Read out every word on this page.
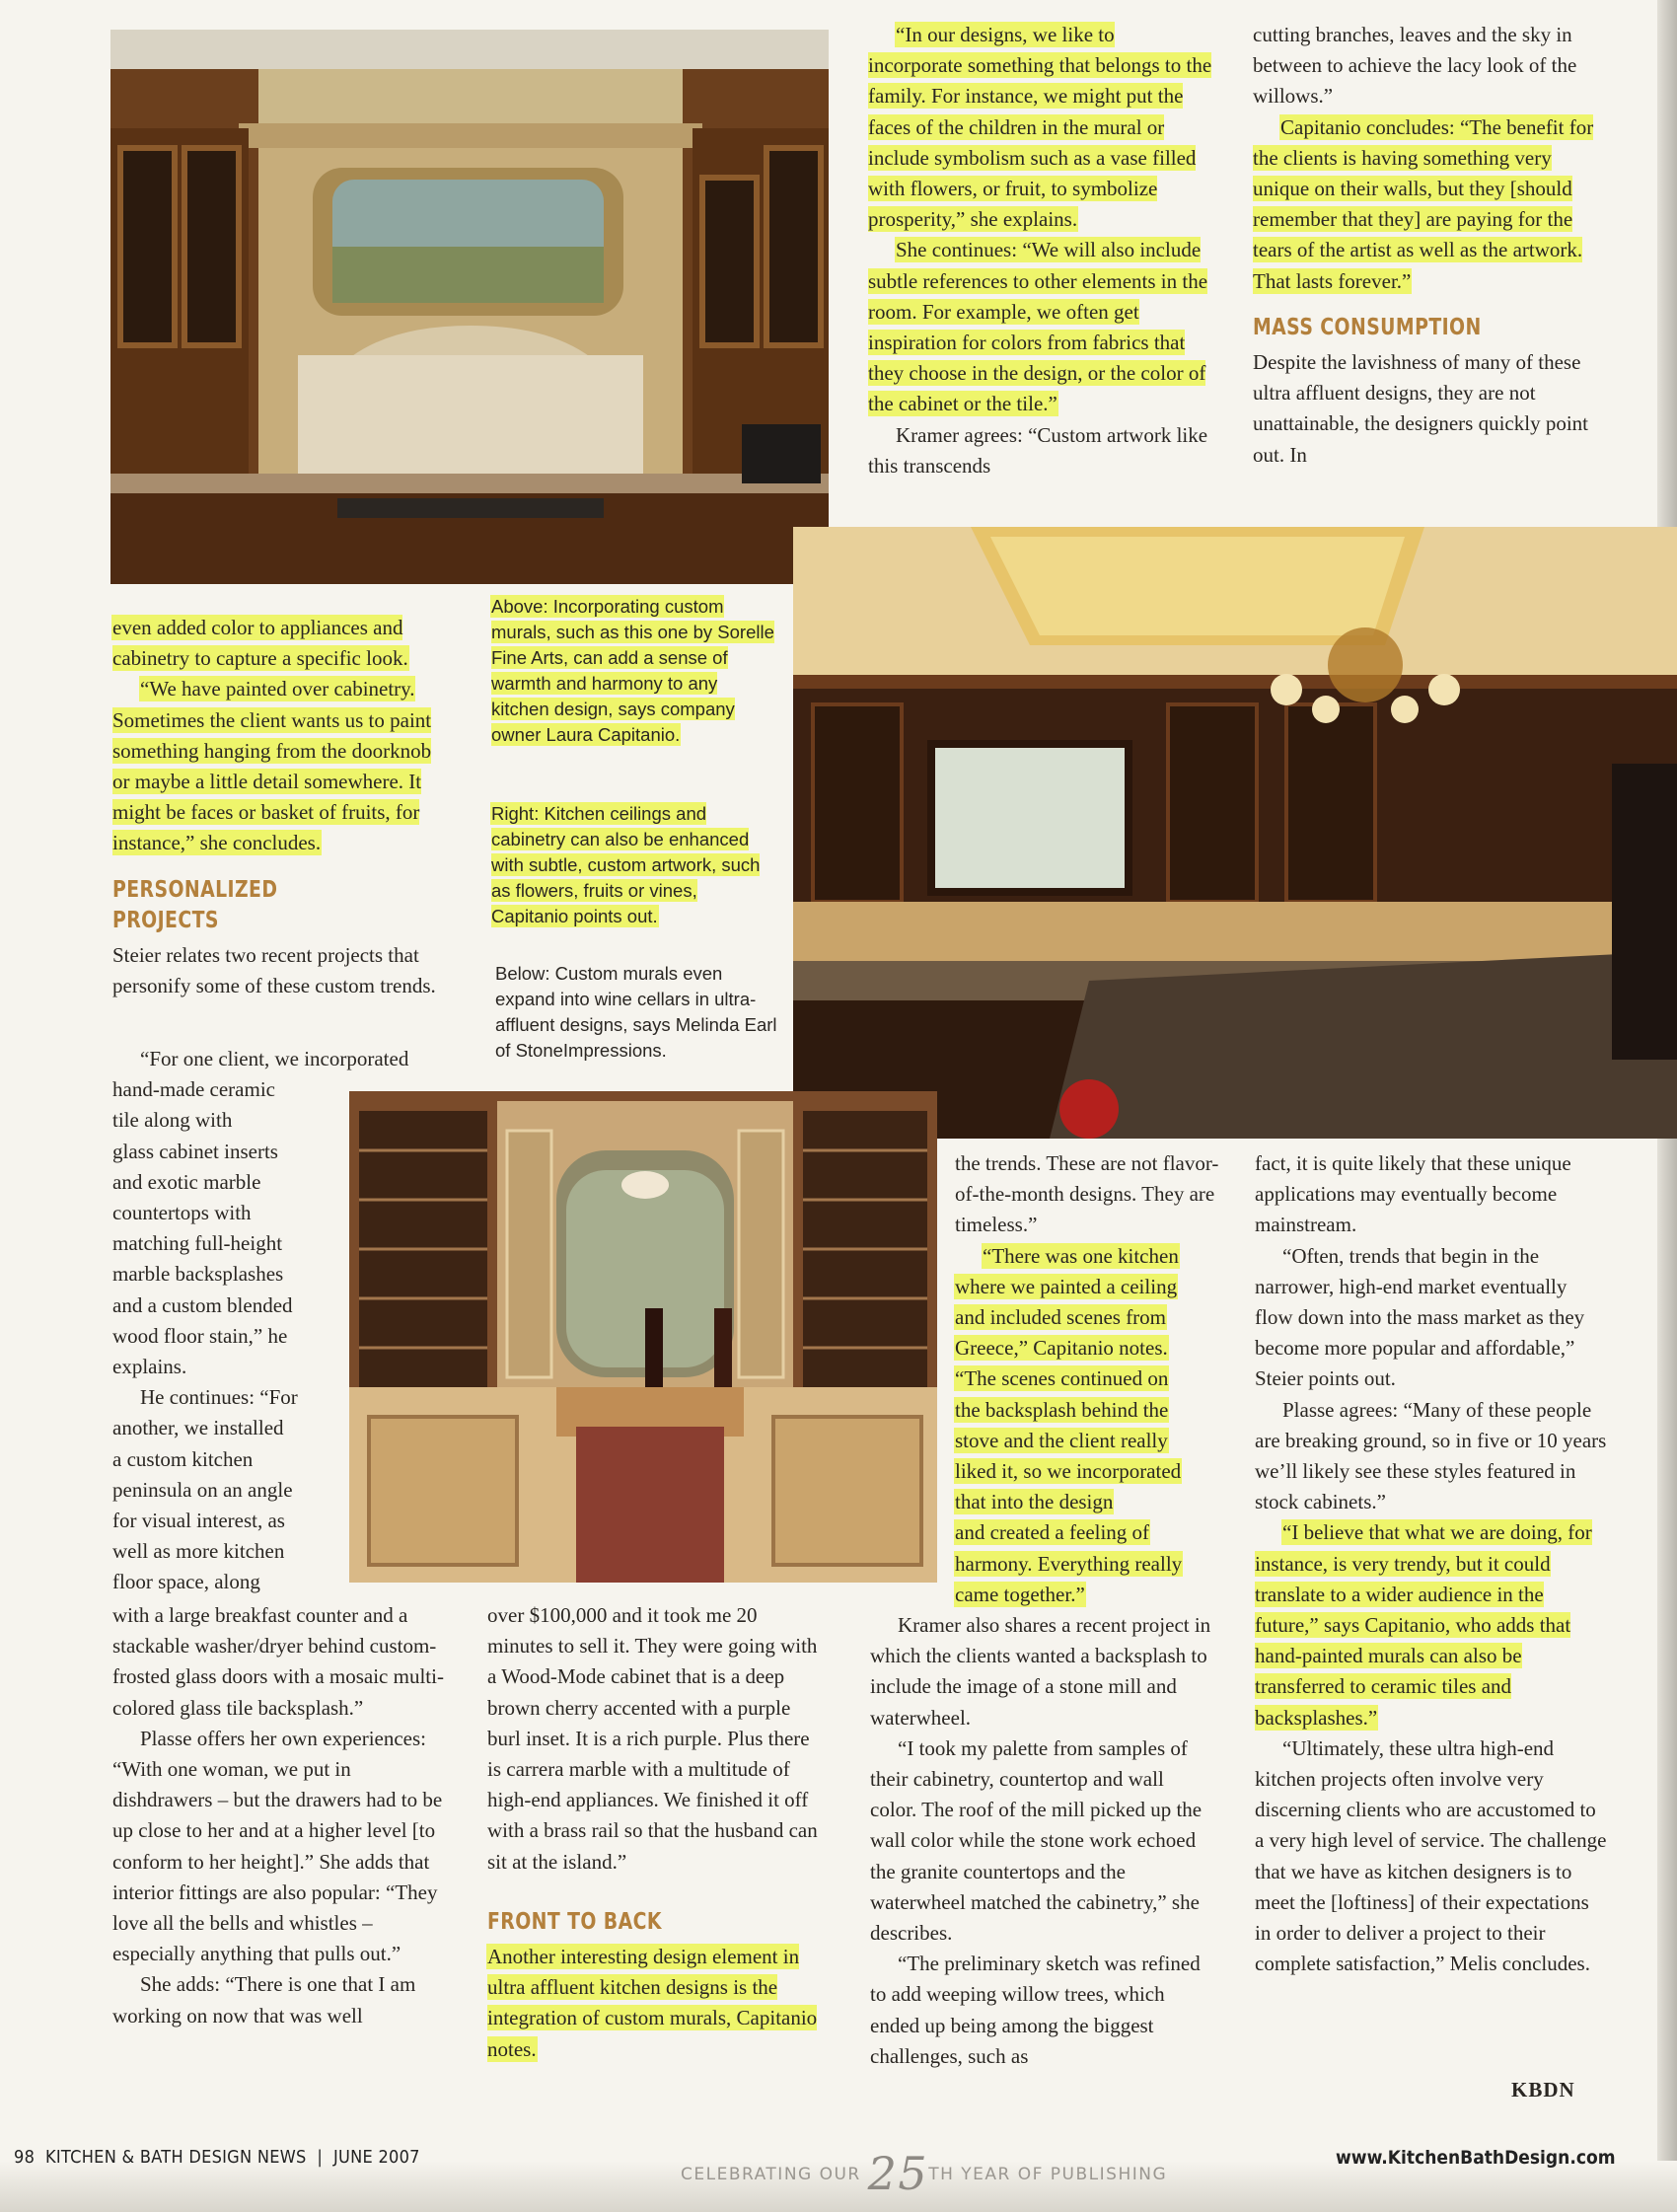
even added color to appliances and cabinetry to capture a specific look.

“We have painted over cabinetry. Sometimes the client wants us to paint something hanging from the doorknob or maybe a little detail somewhere. It might be faces or basket of fruits, for instance,” she concludes.

PERSONALIZED PROJECTS

Steier relates two recent projects that personify some of these custom trends.

“For one client, we incorporated
hand-made ceramic
tile along with
glass cabinet inserts
and exotic marble
countertops with
matching full-height
marble backsplashes
and a custom blended
wood floor stain,” he
explains.
He continues: “For
another, we installed
a custom kitchen
peninsula on an angle
for visual interest, as
well as more kitchen
floor space, along

with a large breakfast counter and a stackable washer/dryer behind custom-frosted glass doors with a mosaic multi-colored glass tile backsplash.”

Plasse offers her own experiences: “With one woman, we put in dishdrawers – but the drawers had to be up close to her and at a higher level [to conform to her height].” She adds that interior fittings are also popular: “They love all the bells and whistles – especially anything that pulls out.”

She adds: “There is one that I am working on now that was well

Above: Incorporating custom murals, such as this one by Sorelle Fine Arts, can add a sense of warmth and harmony to any kitchen design, says company owner Laura Capitanio.
Right: Kitchen ceilings and cabinetry can also be enhanced with subtle, custom artwork, such as flowers, fruits or vines, Capitanio points out.
Below: Custom murals even expand into wine cellars in ultra-affluent designs, says Melinda Earl of StoneImpressions.

over $100,000 and it took me 20 minutes to sell it. They were going with a Wood-Mode cabinet that is a deep brown cherry accented with a purple burl inset. It is a rich purple. Plus there is carrera marble with a multitude of high-end appliances. We finished it off with a brass rail so that the husband can sit at the island.”

FRONT TO BACK

Another interesting design element in ultra affluent kitchen designs is the integration of custom murals, Capitanio notes.

“In our designs, we like to incorporate something that belongs to the family. For instance, we might put the faces of the children in the mural or include symbolism such as a vase filled with flowers, or fruit, to symbolize prosperity,” she explains.

She continues: “We will also include subtle references to other elements in the room. For example, we often get inspiration for colors from fabrics that they choose in the design, or the color of the cabinet or the tile.”

Kramer agrees: “Custom artwork like this transcends

cutting branches, leaves and the sky in between to achieve the lacy look of the willows.”

Capitanio concludes: “The benefit for the clients is having something very unique on their walls, but they [should remember that they] are paying for the tears of the artist as well as the artwork. That lasts forever.”

MASS CONSUMPTION

Despite the lavishness of many of these ultra affluent designs, they are not unattainable, the designers quickly point out. In

the trends. These are not flavor-of-the-month designs. They are timeless.”

“There was one kitchen
where we painted a ceiling
and included scenes from
Greece,” Capitanio notes.
“The scenes continued on
the backsplash behind the
stove and the client really
liked it, so we incorporated
that into the design
and created a feeling of
harmony. Everything really
came together.”

Kramer also shares a recent project in which the clients wanted a backsplash to include the image of a stone mill and waterwheel.

“I took my palette from samples of their cabinetry, countertop and wall color. The roof of the mill picked up the wall color while the stone work echoed the granite countertops and the waterwheel matched the cabinetry,” she describes.

“The preliminary sketch was refined to add weeping willow trees, which ended up being among the biggest challenges, such as

fact, it is quite likely that these unique applications may eventually become mainstream.

“Often, trends that begin in the narrower, high-end market eventually flow down into the mass market as they become more popular and affordable,” Steier points out.

Plasse agrees: “Many of these people are breaking ground, so in five or 10 years we’ll likely see these styles featured in stock cabinets.”

“I believe that what we are doing, for instance, is very trendy, but it could translate to a wider audience in the future,” says Capitanio, who adds that hand-painted murals can also be transferred to ceramic tiles and backsplashes.”

“Ultimately, these ultra high-end kitchen projects often involve very discerning clients who are accustomed to a very high level of service. The challenge that we have as kitchen designers is to meet the [loftiness] of their expectations in order to deliver a project to their complete satisfaction,” Melis concludes.

KBDN
98  KITCHEN & BATH DESIGN NEWS  |  JUNE 2007
CELEBRATING OUR 25TH YEAR OF PUBLISHING
www.KitchenBathDesign.com
